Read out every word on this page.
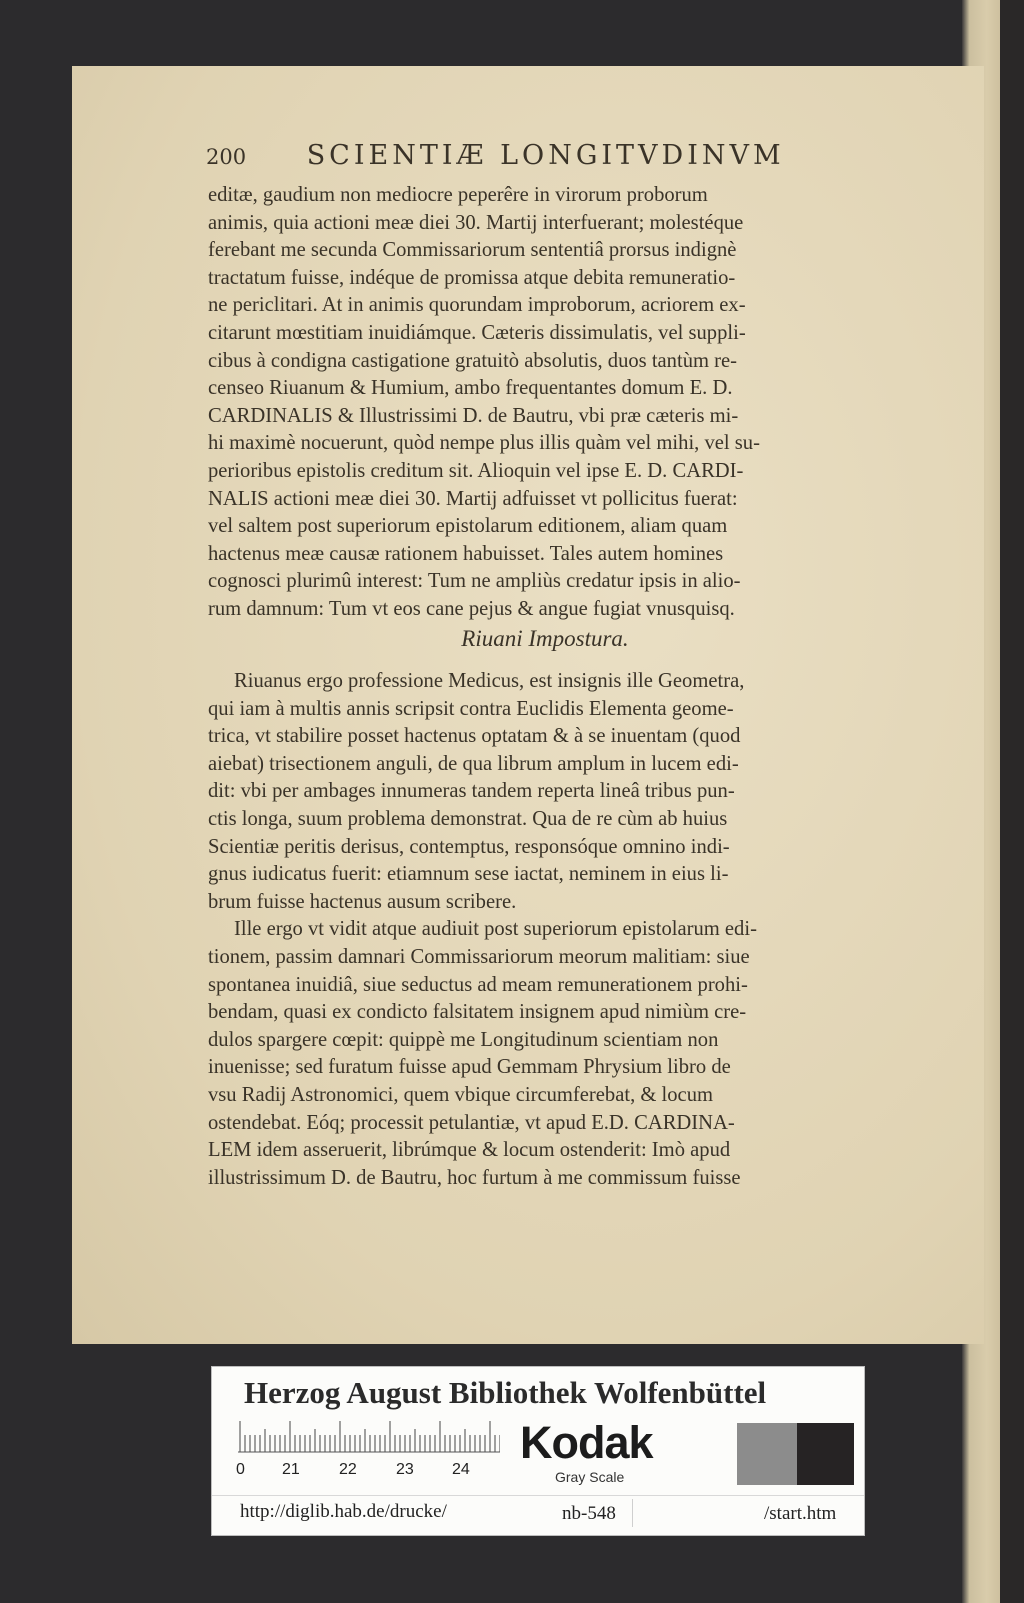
200 SCIENTIÆ LONGITVDINVM

editæ, gaudium non mediocre peperêre in virorum proborum

animis, quia actioni meæ diei 30. Martij interfuerant; molestéque

ferebant me secunda Commissariorum sententiâ prorsus indignè

tractatum fuisse, indéque de promissa atque debita remuneratio-

ne periclitari. At in animis quorundam improborum, acriorem ex-

citarunt mœstitiam inuidiámque. Cæteris dissimulatis, vel suppli-

cibus à condigna castigatione gratuitò absolutis, duos tantùm re-

censeo Riuanum & Humium, ambo frequentantes domum E. D.

CARDINALIS & Illustrissimi D. de Bautru, vbi præ cæteris mi-

hi maximè nocuerunt, quòd nempe plus illis quàm vel mihi, vel su-

perioribus epistolis creditum sit. Alioquin vel ipse E. D. CARDI-

NALIS actioni meæ diei 30. Martij adfuisset vt pollicitus fuerat:

vel saltem post superiorum epistolarum editionem, aliam quam

hactenus meæ causæ rationem habuisset. Tales autem homines

cognosci plurimû interest: Tum ne ampliùs credatur ipsis in alio-

rum damnum: Tum vt eos cane pejus & angue fugiat vnusquisq.

Riuani Impostura.

Riuanus ergo professione Medicus, est insignis ille Geometra,

qui iam à multis annis scripsit contra Euclidis Elementa geome-

trica, vt stabilire posset hactenus optatam & à se inuentam (quod

aiebat) trisectionem anguli, de qua librum amplum in lucem edi-

dit: vbi per ambages innumeras tandem reperta lineâ tribus pun-

ctis longa, suum problema demonstrat. Qua de re cùm ab huius

Scientiæ peritis derisus, contemptus, responsóque omnino indi-

gnus iudicatus fuerit: etiamnum sese iactat, neminem in eius li-

brum fuisse hactenus ausum scribere.

Ille ergo vt vidit atque audiuit post superiorum epistolarum edi-

tionem, passim damnari Commissariorum meorum malitiam: siue

spontanea inuidiâ, siue seductus ad meam remunerationem prohi-

bendam, quasi ex condicto falsitatem insignem apud nimiùm cre-

dulos spargere cœpit: quippè me Longitudinum scientiam non

inuenisse; sed furatum fuisse apud Gemmam Phrysium libro de

vsu Radij Astronomici, quem vbique circumferebat, & locum

ostendebat. Eóq; processit petulantiæ, vt apud E.D. CARDINA-

LEM idem asseruerit, librúmque & locum ostenderit: Imò apud

illustrissimum D. de Bautru, hoc furtum à me commissum fuisse

Herzog August Bibliothek Wolfenbüttel
0 21 22 23 24
Kodak
Gray Scale
http://diglib.hab.de/drucke/	nb-548	/start.htm
